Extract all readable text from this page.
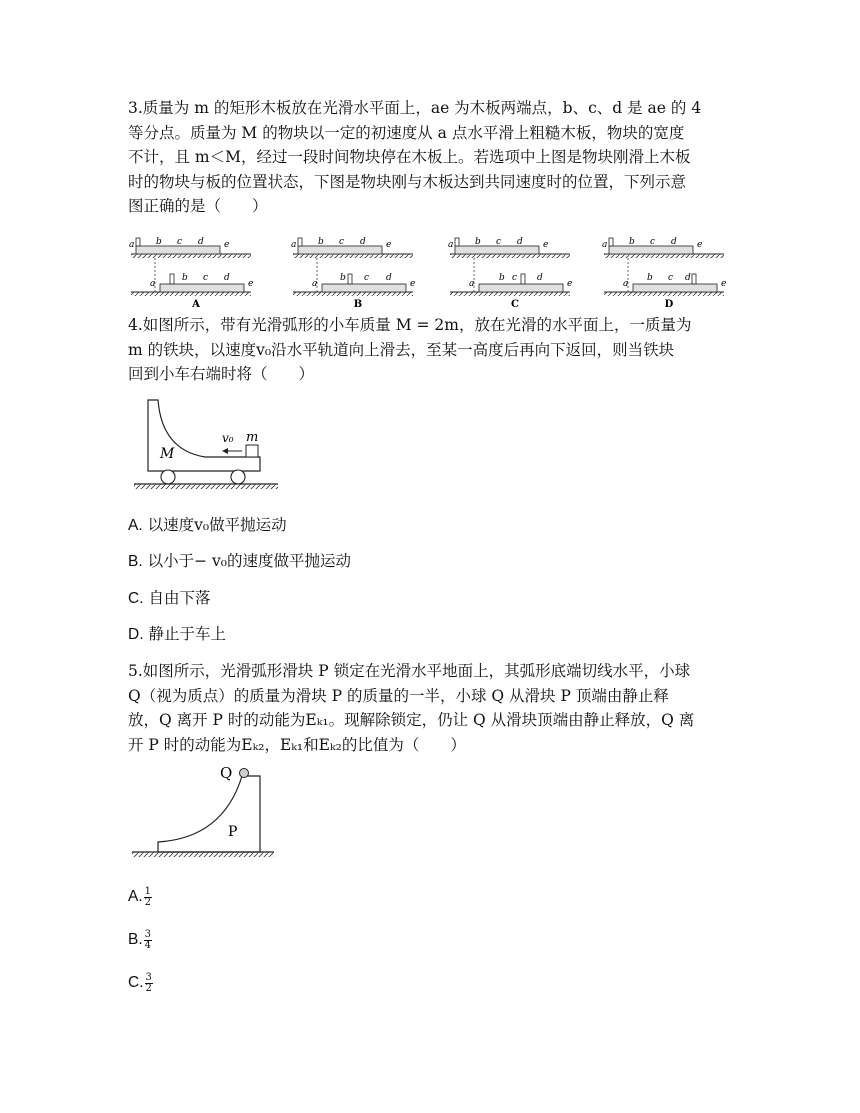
3.质量为 m 的矩形木板放在光滑水平面上，ae 为木板两端点，b、c、d 是 ae 的 4
等分点。质量为 M 的物块以一定的初速度从 a 点水平滑上粗糙木板，物块的宽度
不计，且 m＜M，经过一段时间物块停在木板上。若选项中上图是物块刚滑上木板
时的物块与板的位置状态，下图是物块刚与木板达到共同速度时的位置，下列示意
图正确的是（　　）
a b c d e
a
b c d
e
A
a b c d e
a
b c d
e
B
a b c d e
a
b c d
e
C
a b c d e
a
b c d
e
D
4.如图所示，带有光滑弧形的小车质量 M = 2m，放在光滑的水平面上，一质量为
m 的铁块，以速度v₀沿水平轨道向上滑去，至某一高度后再向下返回，则当铁块
回到小车右端时将（　　）
v₀ m
M
A. 以速度v₀做平抛运动
B. 以小于− v₀的速度做平抛运动
C. 自由下落
D. 静止于车上
5.如图所示，光滑弧形滑块 P 锁定在光滑水平地面上，其弧形底端切线水平，小球
Q（视为质点）的质量为滑块 P 的质量的一半，小球 Q 从滑块 P 顶端由静止释
放，Q 离开 P 时的动能为Eₖ₁。现解除锁定，仍让 Q 从滑块顶端由静止释放，Q 离
开 P 时的动能为Eₖ₂，Eₖ₁和Eₖ₂的比值为（　　）
Q
P
A. $\frac{1}{2}$
B. $\frac{3}{4}$
C. $\frac{3}{2}$
